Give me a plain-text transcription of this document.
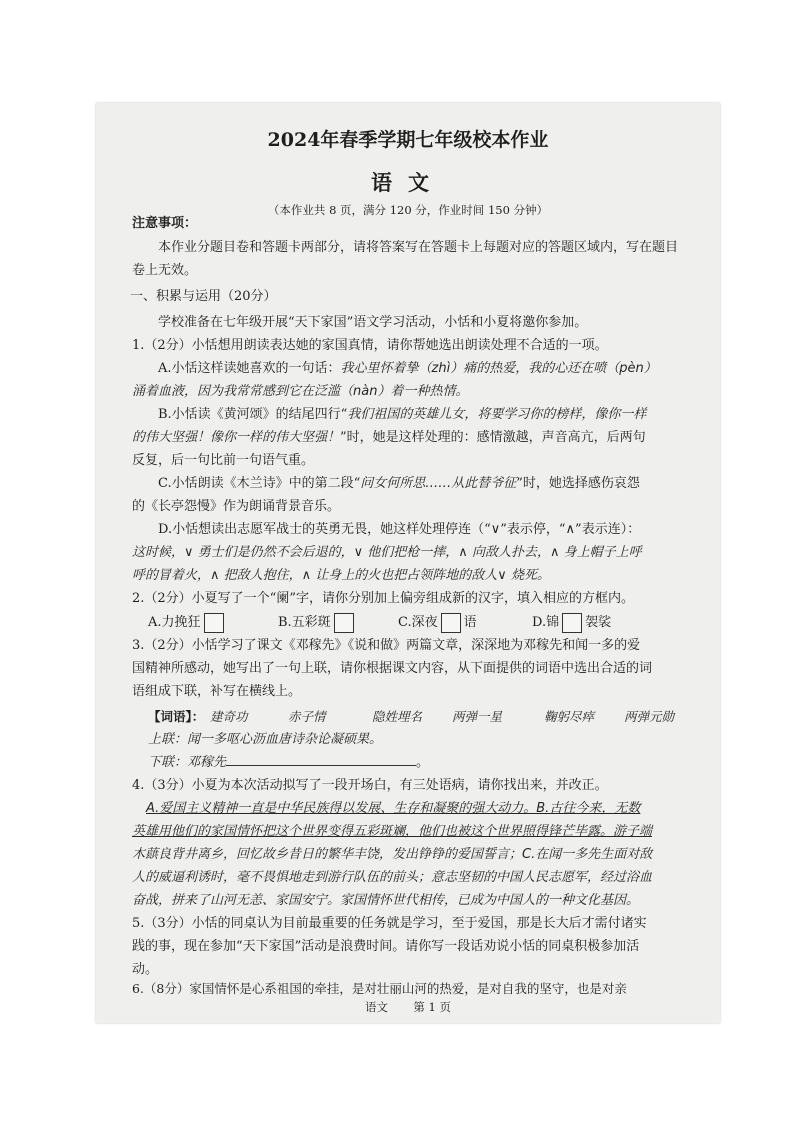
2024年春季学期七年级校本作业
语文
（本作业共 8 页，满分 120 分，作业时间 150 分钟）
注意事项：
本作业分题目卷和答题卡两部分，请将答案写在答题卡上每题对应的答题区域内，写在题目卷上无效。
一、积累与运用（20分）
学校准备在七年级开展“天下家国”语文学习活动，小恬和小夏将邀你参加。
1.（2分）小恬想用朗读表达她的家国真情，请你帮她选出朗读处理不合适的一项。
A.小恬这样读她喜欢的一句话：我心里怀着挚（zhì）痛的热爱，我的心还在喷（pèn）
涌着血液，因为我常常感到它在泛滥（nàn）着一种热情。
B.小恬读《黄河颂》的结尾四行“我们祖国的英雄儿女，将要学习你的榜样，像你一样
的伟大坚强！像你一样的伟大坚强！”时，她是这样处理的：感情激越，声音高亢，后两句
反复，后一句比前一句语气重。
C.小恬朗读《木兰诗》中的第二段“问女何所思……从此替爷征”时，她选择感伤哀怨
的《长亭怨慢》作为朗诵背景音乐。
D.小恬想读出志愿军战士的英勇无畏，她这样处理停连（“∨”表示停，“∧”表示连）：
这时候，∨ 勇士们是仍然不会后退的，∨ 他们把枪一摔，∧ 向敌人扑去，∧ 身上帽子上呼
呼的冒着火，∧ 把敌人抱住，∧ 让身上的火也把占领阵地的敌人∨ 烧死。
2.（2分）小夏写了一个“阑”字，请你分别加上偏旁组成新的汉字，填入相应的方框内。
A.力挽狂	B.五彩斑	C.深夜 语	D.锦 袈裟
3.（2分）小恬学习了课文《邓稼先》《说和做》两篇文章，深深地为邓稼先和闻一多的爱
国精神所感动，她写出了一句上联，请你根据课文内容，从下面提供的词语中选出合适的词
语组成下联，补写在横线上。
【词语】： 建奇功	赤子情	隐姓埋名 两弹一星	鞠躬尽瘁 两弹元勋
上联：闻一多呕心沥血唐诗杂论凝硕果。
下联：邓稼先	。
4.（3分）小夏为本次活动拟写了一段开场白，有三处语病，请你找出来，并改正。
A.爱国主义精神一直是中华民族得以发展、生存和凝聚的强大动力。B.古往今来，无数
英雄用他们的家国情怀把这个世界变得五彩斑斓，他们也被这个世界照得锋芒毕露。游子端
木蕻良背井离乡，回忆故乡昔日的繁华丰饶，发出铮铮的爱国誓言；C.在闻一多先生面对敌
人的威逼利诱时，毫不畏惧地走到游行队伍的前头；意志坚韧的中国人民志愿军，经过浴血
奋战，拼来了山河无恙、家国安宁。家国情怀世代相传，已成为中国人的一种文化基因。
5.（3分）小恬的同桌认为目前最重要的任务就是学习，至于爱国，那是长大后才需付诸实
践的事，现在参加“天下家国”活动是浪费时间。请你写一段话劝说小恬的同桌积极参加活
动。
6.（8分）家国情怀是心系祖国的牵挂，是对壮丽山河的热爱，是对自我的坚守，也是对亲
语文 第 1 页
